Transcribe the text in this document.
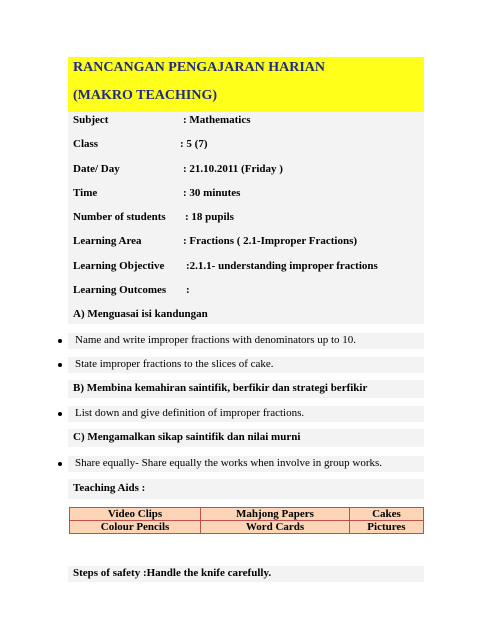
RANCANGAN PENGAJARAN HARIAN
(MAKRO TEACHING)
Subject	: Mathematics
Class	: 5 (7)
Date/ Day	: 21.10.2011 (Friday )
Time	: 30 minutes
Number of students : 18 pupils
Learning Area	: Fractions ( 2.1-Improper Fractions)
Learning Objective :2.1.1- understanding improper fractions
Learning Outcomes :
A) Menguasai isi kandungan
Name and write improper fractions with denominators up to 10.
State improper fractions to the slices of cake.
B) Membina kemahiran saintifik, berfikir dan strategi berfikir
List down and give definition of improper fractions.
C) Mengamalkan sikap saintifik dan nilai murni
Share equally- Share equally the works when involve in group works.
Teaching Aids :
Video Clips	Mahjong Papers	Cakes
Colour Pencils	Word Cards	Pictures
Steps of safety :Handle the knife carefully.
